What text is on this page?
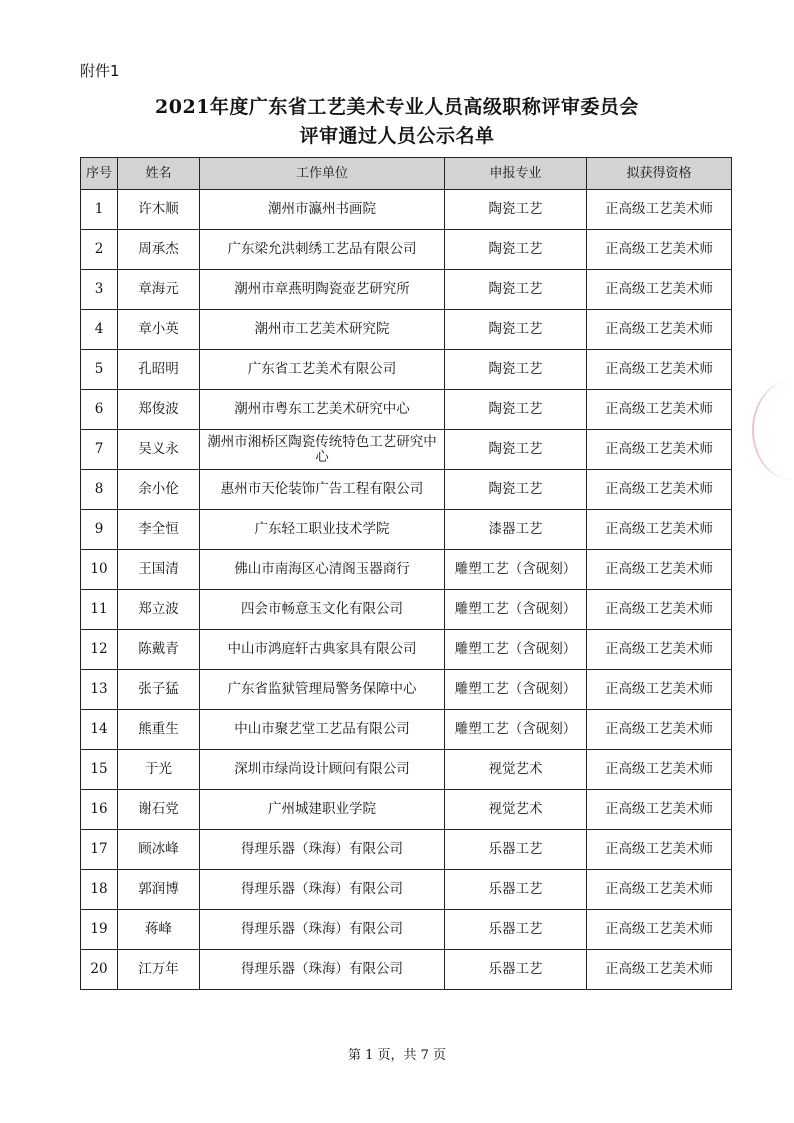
附件1
2021年度广东省工艺美术专业人员高级职称评审委员会
评审通过人员公示名单
序号	姓名	工作单位	申报专业	拟获得资格
1	许木顺	潮州市瀛州书画院	陶瓷工艺	正高级工艺美术师
2	周承杰	广东梁允洪刺绣工艺品有限公司	陶瓷工艺	正高级工艺美术师
3	章海元	潮州市章燕明陶瓷壶艺研究所	陶瓷工艺	正高级工艺美术师
4	章小英	潮州市工艺美术研究院	陶瓷工艺	正高级工艺美术师
5	孔昭明	广东省工艺美术有限公司	陶瓷工艺	正高级工艺美术师
6	郑俊波	潮州市粤东工艺美术研究中心	陶瓷工艺	正高级工艺美术师
7	吴义永	潮州市湘桥区陶瓷传统特色工艺研究中心	陶瓷工艺	正高级工艺美术师
8	余小伦	惠州市天伦装饰广告工程有限公司	陶瓷工艺	正高级工艺美术师
9	李全恒	广东轻工职业技术学院	漆器工艺	正高级工艺美术师
10	王国清	佛山市南海区心清阁玉器商行	雕塑工艺（含砚刻）	正高级工艺美术师
11	郑立波	四会市畅意玉文化有限公司	雕塑工艺（含砚刻）	正高级工艺美术师
12	陈戴青	中山市鸿庭轩古典家具有限公司	雕塑工艺（含砚刻）	正高级工艺美术师
13	张子猛	广东省监狱管理局警务保障中心	雕塑工艺（含砚刻）	正高级工艺美术师
14	熊重生	中山市聚艺堂工艺品有限公司	雕塑工艺（含砚刻）	正高级工艺美术师
15	于光	深圳市绿尚设计顾问有限公司	视觉艺术	正高级工艺美术师
16	谢石党	广州城建职业学院	视觉艺术	正高级工艺美术师
17	顾冰峰	得理乐器（珠海）有限公司	乐器工艺	正高级工艺美术师
18	郭润博	得理乐器（珠海）有限公司	乐器工艺	正高级工艺美术师
19	蒋峰	得理乐器（珠海）有限公司	乐器工艺	正高级工艺美术师
20	江万年	得理乐器（珠海）有限公司	乐器工艺	正高级工艺美术师
第 1 页，共 7 页
